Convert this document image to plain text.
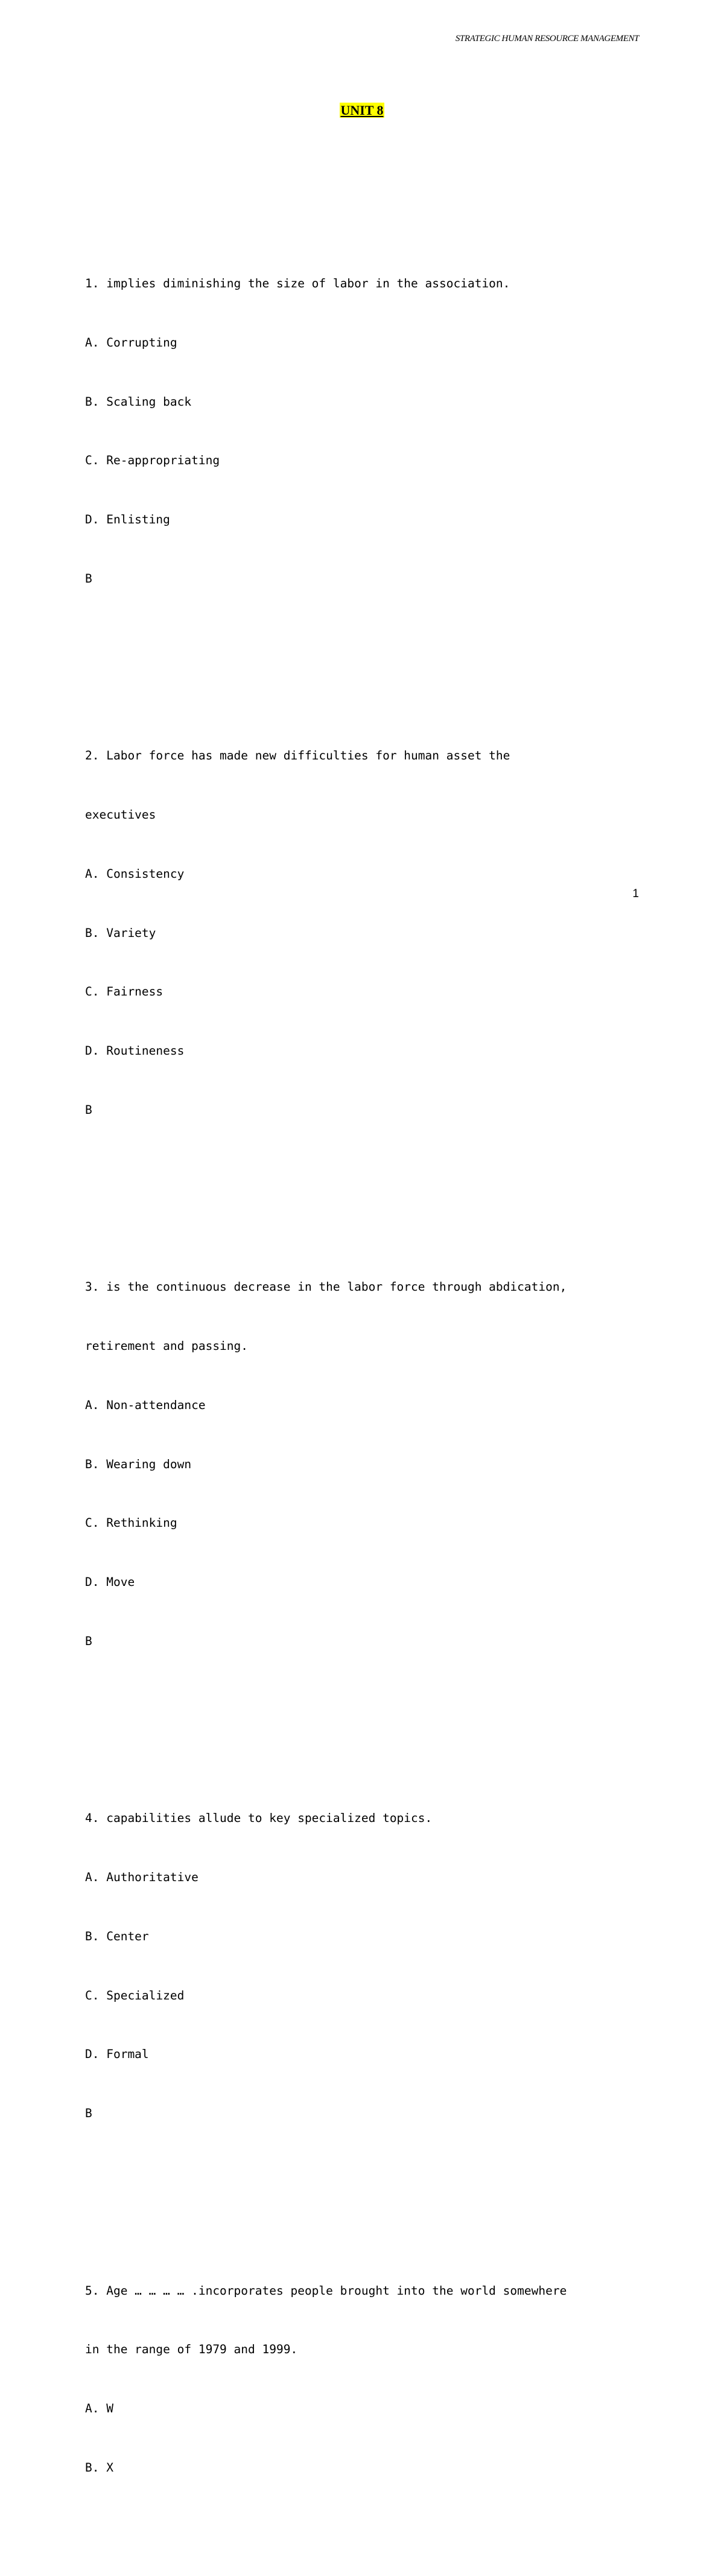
STRATEGIC HUMAN RESOURCE MANAGEMENT
UNIT 8

1. implies diminishing the size of labor in the association.

A. Corrupting

B. Scaling back

C. Re-appropriating

D. Enlisting

B

2. Labor force has made new difficulties for human asset the

executives

A. Consistency

B. Variety

C. Fairness

D. Routineness

B

3. is the continuous decrease in the labor force through abdication,

retirement and passing.

A. Non-attendance

B. Wearing down

C. Rethinking

D. Move

B

4. capabilities allude to key specialized topics.

A. Authoritative

B. Center

C. Specialized

D. Formal

B

5. Age … … … … .incorporates people brought into the world somewhere

in the range of 1979 and 1999.

A. W

B. X

1
